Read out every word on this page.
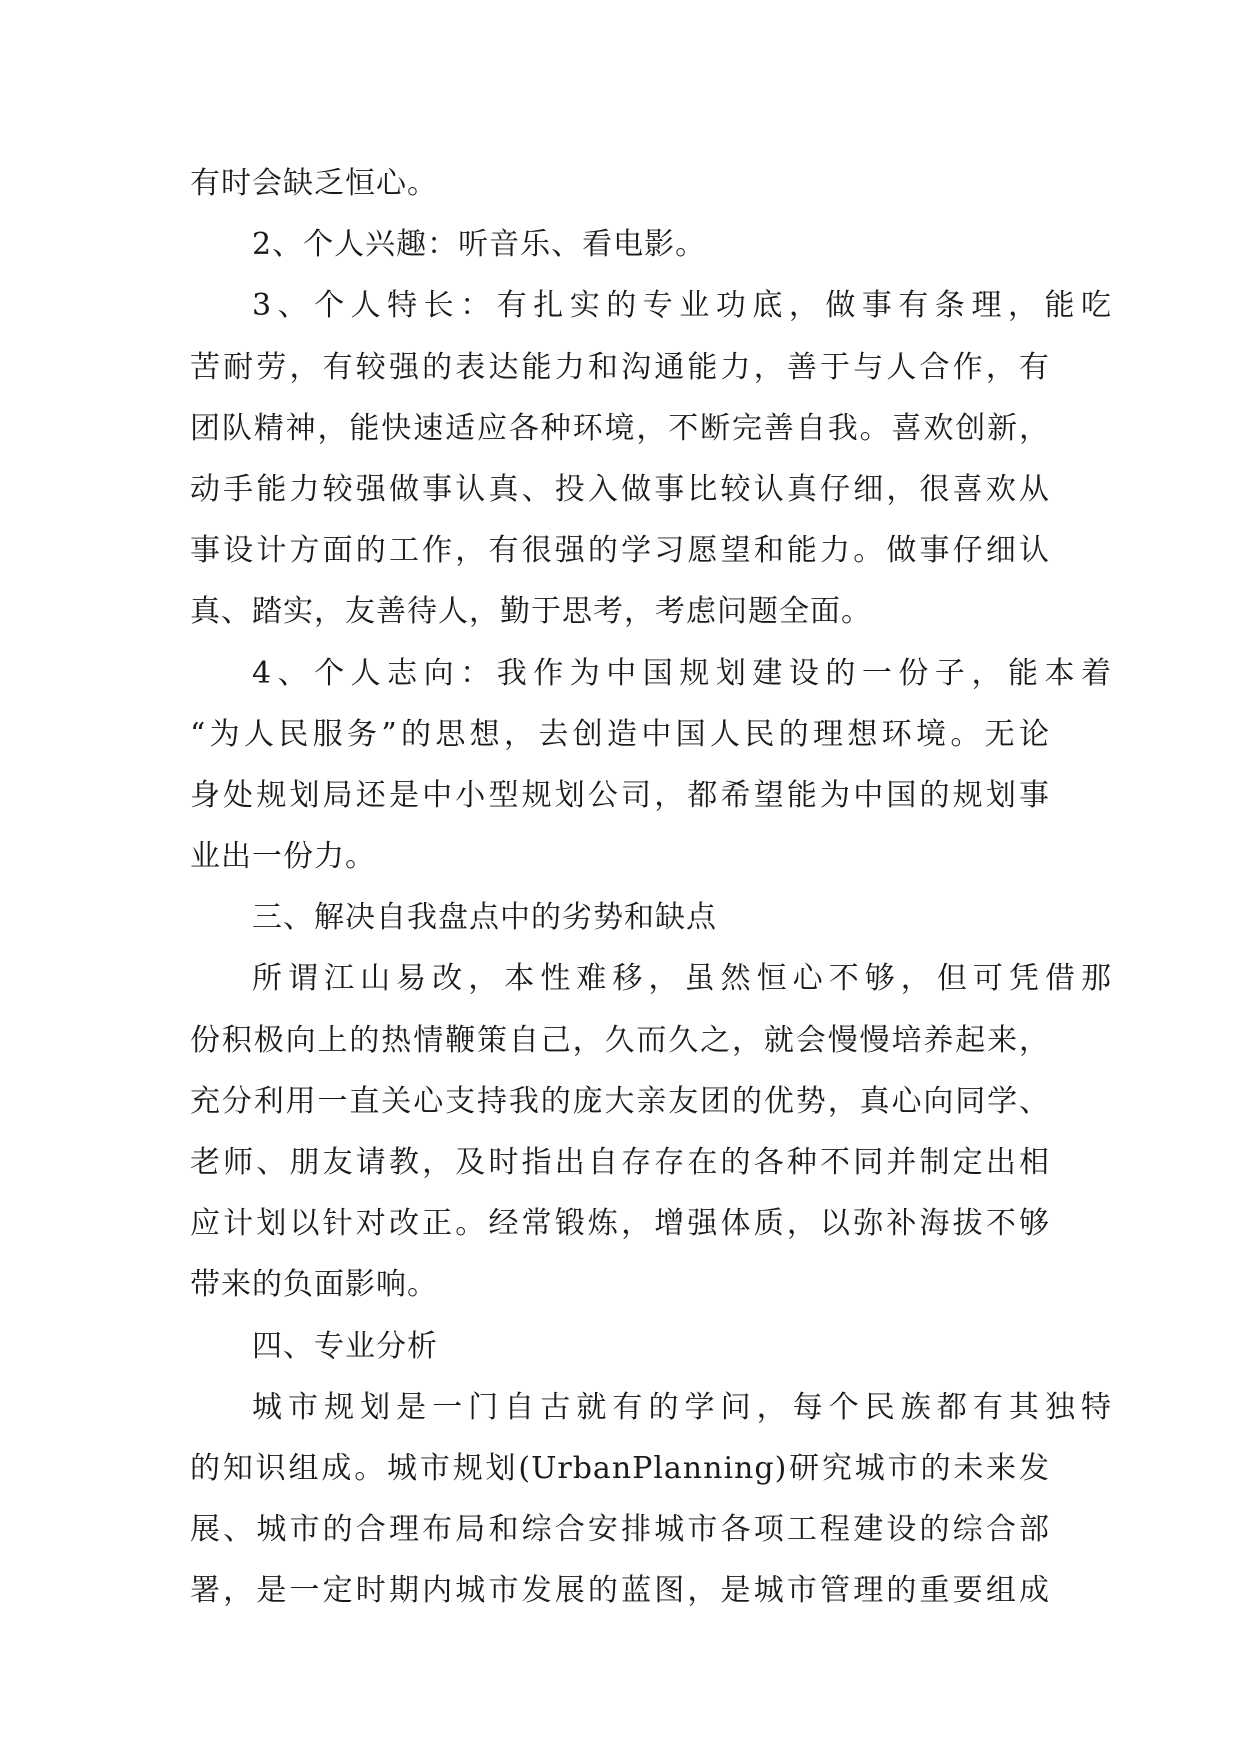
有时会缺乏恒心。
2、个人兴趣：听音乐、看电影。
3、个人特长：有扎实的专业功底，做事有条理，能吃
苦耐劳，有较强的表达能力和沟通能力，善于与人合作，有
团队精神，能快速适应各种环境，不断完善自我。喜欢创新，
动手能力较强做事认真、投入做事比较认真仔细，很喜欢从
事设计方面的工作，有很强的学习愿望和能力。做事仔细认
真、踏实，友善待人，勤于思考，考虑问题全面。
4、个人志向：我作为中国规划建设的一份子，能本着
“为人民服务”的思想，去创造中国人民的理想环境。无论
身处规划局还是中小型规划公司，都希望能为中国的规划事
业出一份力。
三、解决自我盘点中的劣势和缺点
所谓江山易改，本性难移，虽然恒心不够，但可凭借那
份积极向上的热情鞭策自己，久而久之，就会慢慢培养起来，
充分利用一直关心支持我的庞大亲友团的优势，真心向同学、
老师、朋友请教，及时指出自存存在的各种不同并制定出相
应计划以针对改正。经常锻炼，增强体质，以弥补海拔不够
带来的负面影响。
四、专业分析
城市规划是一门自古就有的学问，每个民族都有其独特
的知识组成。城市规划(UrbanPlanning)研究城市的未来发
展、城市的合理布局和综合安排城市各项工程建设的综合部
署，是一定时期内城市发展的蓝图，是城市管理的重要组成
